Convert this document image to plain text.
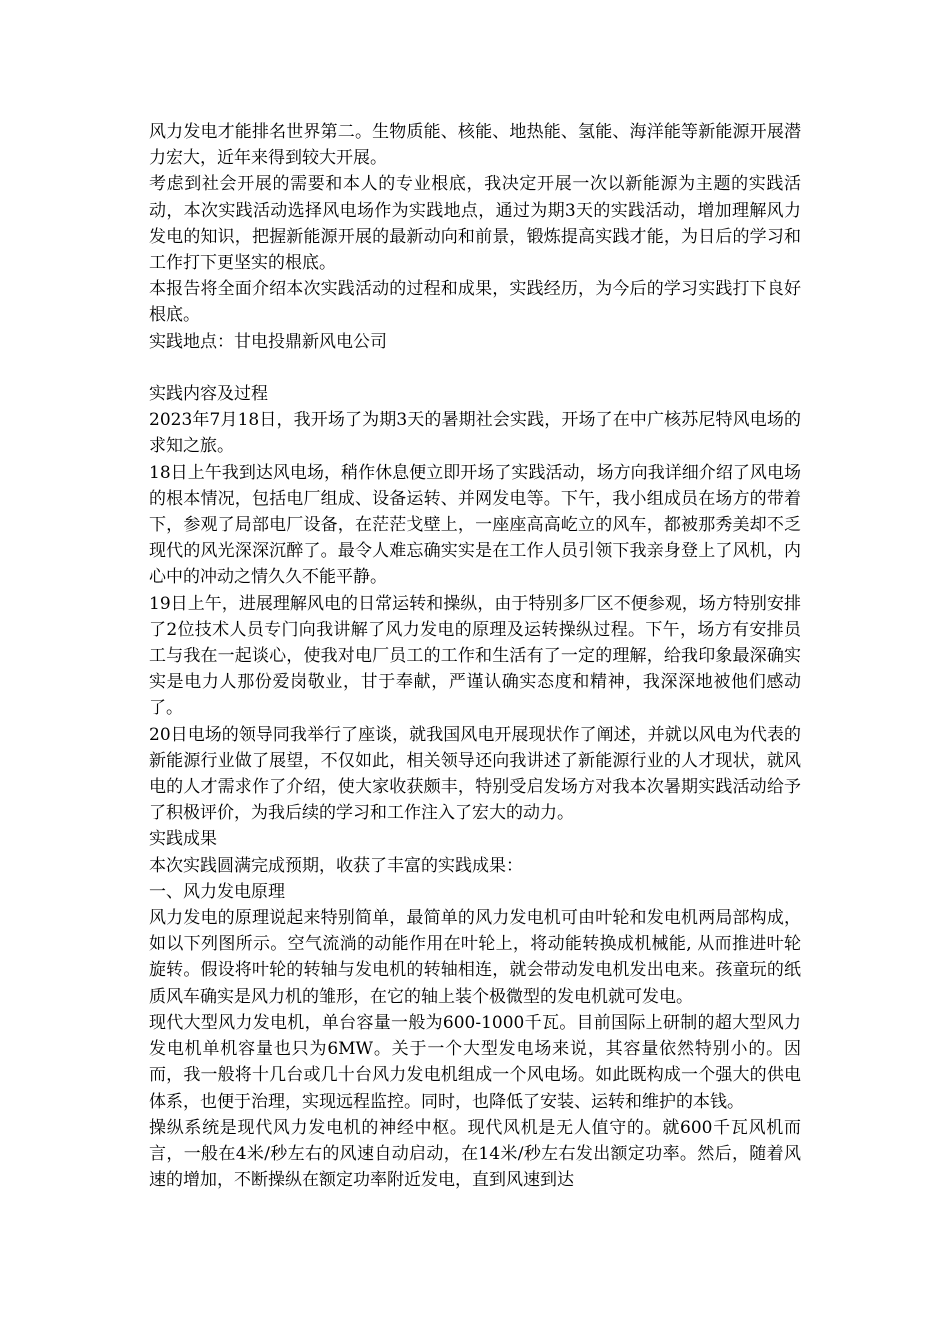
风力发电才能排名世界第二。生物质能、核能、地热能、氢能、海洋能等新能源开展潜力宏大，近年来得到较大开展。

考虑到社会开展的需要和本人的专业根底，我决定开展一次以新能源为主题的实践活动，本次实践活动选择风电场作为实践地点，通过为期3天的实践活动，增加理解风力发电的知识，把握新能源开展的最新动向和前景，锻炼提高实践才能，为日后的学习和工作打下更坚实的根底。

本报告将全面介绍本次实践活动的过程和成果，实践经历，为今后的学习实践打下良好根底。

实践地点：甘电投鼎新风电公司

实践内容及过程

2023年7月18日，我开场了为期3天的暑期社会实践，开场了在中广核苏尼特风电场的求知之旅。

18日上午我到达风电场，稍作休息便立即开场了实践活动，场方向我详细介绍了风电场的根本情况，包括电厂组成、设备运转、并网发电等。下午，我小组成员在场方的带着下，参观了局部电厂设备，在茫茫戈壁上，一座座高高屹立的风车，都被那秀美却不乏现代的风光深深沉醉了。最令人难忘确实实是在工作人员引领下我亲身登上了风机，内心中的冲动之情久久不能平静。

19日上午，进展理解风电的日常运转和操纵，由于特别多厂区不便参观，场方特别安排了2位技术人员专门向我讲解了风力发电的原理及运转操纵过程。下午，场方有安排员工与我在一起谈心，使我对电厂员工的工作和生活有了一定的理解，给我印象最深确实实是电力人那份爱岗敬业，甘于奉献，严谨认确实态度和精神，我深深地被他们感动了。

20日电场的领导同我举行了座谈，就我国风电开展现状作了阐述，并就以风电为代表的新能源行业做了展望，不仅如此，相关领导还向我讲述了新能源行业的人才现状，就风电的人才需求作了介绍，使大家收获颇丰，特别受启发场方对我本次暑期实践活动给予了积极评价，为我后续的学习和工作注入了宏大的动力。

实践成果

本次实践圆满完成预期，收获了丰富的实践成果：

一、风力发电原理

风力发电的原理说起来特别简单，最简单的风力发电机可由叶轮和发电机两局部构成，如以下列图所示。空气流淌的动能作用在叶轮上，将动能转换成机械能, 从而推进叶轮旋转。假设将叶轮的转轴与发电机的转轴相连，就会带动发电机发出电来。孩童玩的纸质风车确实是风力机的雏形，在它的轴上装个极微型的发电机就可发电。

现代大型风力发电机，单台容量一般为600-1000千瓦。目前国际上研制的超大型风力发电机单机容量也只为6MW。关于一个大型发电场来说，其容量依然特别小的。因而，我一般将十几台或几十台风力发电机组成一个风电场。如此既构成一个强大的供电体系，也便于治理，实现远程监控。同时，也降低了安装、运转和维护的本钱。

操纵系统是现代风力发电机的神经中枢。现代风机是无人值守的。就600千瓦风机而言，一般在4米/秒左右的风速自动启动，在14米/秒左右发出额定功率。然后，随着风速的增加，不断操纵在额定功率附近发电，直到风速到达
